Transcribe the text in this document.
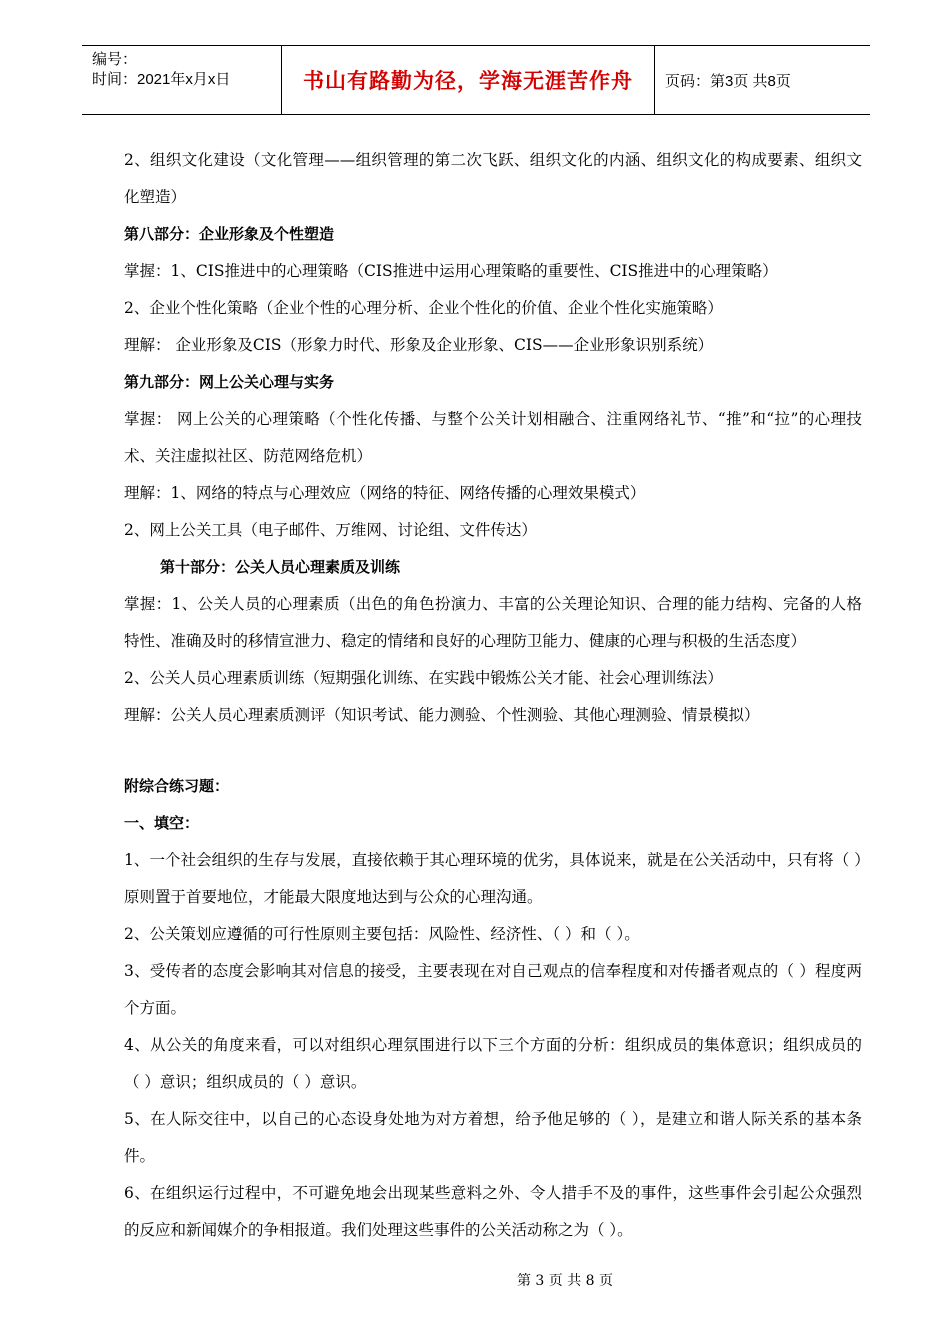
编号：
时间：2021年x月x日	书山有路勤为径，学海无涯苦作舟	页码：第3页 共8页
2、组织文化建设（文化管理——组织管理的第二次飞跃、组织文化的内涵、组织文化的构成要素、组织文化塑造）
第八部分：企业形象及个性塑造
掌握：1、CIS推进中的心理策略（CIS推进中运用心理策略的重要性、CIS推进中的心理策略）
2、企业个性化策略（企业个性的心理分析、企业个性化的价值、企业个性化实施策略）
理解： 企业形象及CIS（形象力时代、形象及企业形象、CIS——企业形象识别系统）
第九部分：网上公关心理与实务
掌握： 网上公关的心理策略（个性化传播、与整个公关计划相融合、注重网络礼节、“推”和“拉”的心理技术、关注虚拟社区、防范网络危机）
理解：1、网络的特点与心理效应（网络的特征、网络传播的心理效果模式）
2、网上公关工具（电子邮件、万维网、讨论组、文件传达）
第十部分：公关人员心理素质及训练
掌握：1、公关人员的心理素质（出色的角色扮演力、丰富的公关理论知识、合理的能力结构、完备的人格特性、准确及时的移情宣泄力、稳定的情绪和良好的心理防卫能力、健康的心理与积极的生活态度）
2、公关人员心理素质训练（短期强化训练、在实践中锻炼公关才能、社会心理训练法）
理解：公关人员心理素质测评（知识考试、能力测验、个性测验、其他心理测验、情景模拟）
附综合练习题：
一、填空：
1、一个社会组织的生存与发展，直接依赖于其心理环境的优劣，具体说来，就是在公关活动中，只有将（ ）原则置于首要地位，才能最大限度地达到与公众的心理沟通。
2、公关策划应遵循的可行性原则主要包括：风险性、经济性、（ ）和（ ）。
3、受传者的态度会影响其对信息的接受，主要表现在对自己观点的信奉程度和对传播者观点的（ ）程度两个方面。
4、从公关的角度来看，可以对组织心理氛围进行以下三个方面的分析：组织成员的集体意识；组织成员的 （ ）意识；组织成员的（ ）意识。
5、在人际交往中，以自己的心态设身处地为对方着想，给予他足够的（ ），是建立和谐人际关系的基本条件。
6、在组织运行过程中，不可避免地会出现某些意料之外、令人措手不及的事件，这些事件会引起公众强烈的反应和新闻媒介的争相报道。我们处理这些事件的公关活动称之为（ ）。
第 3 页 共 8 页
